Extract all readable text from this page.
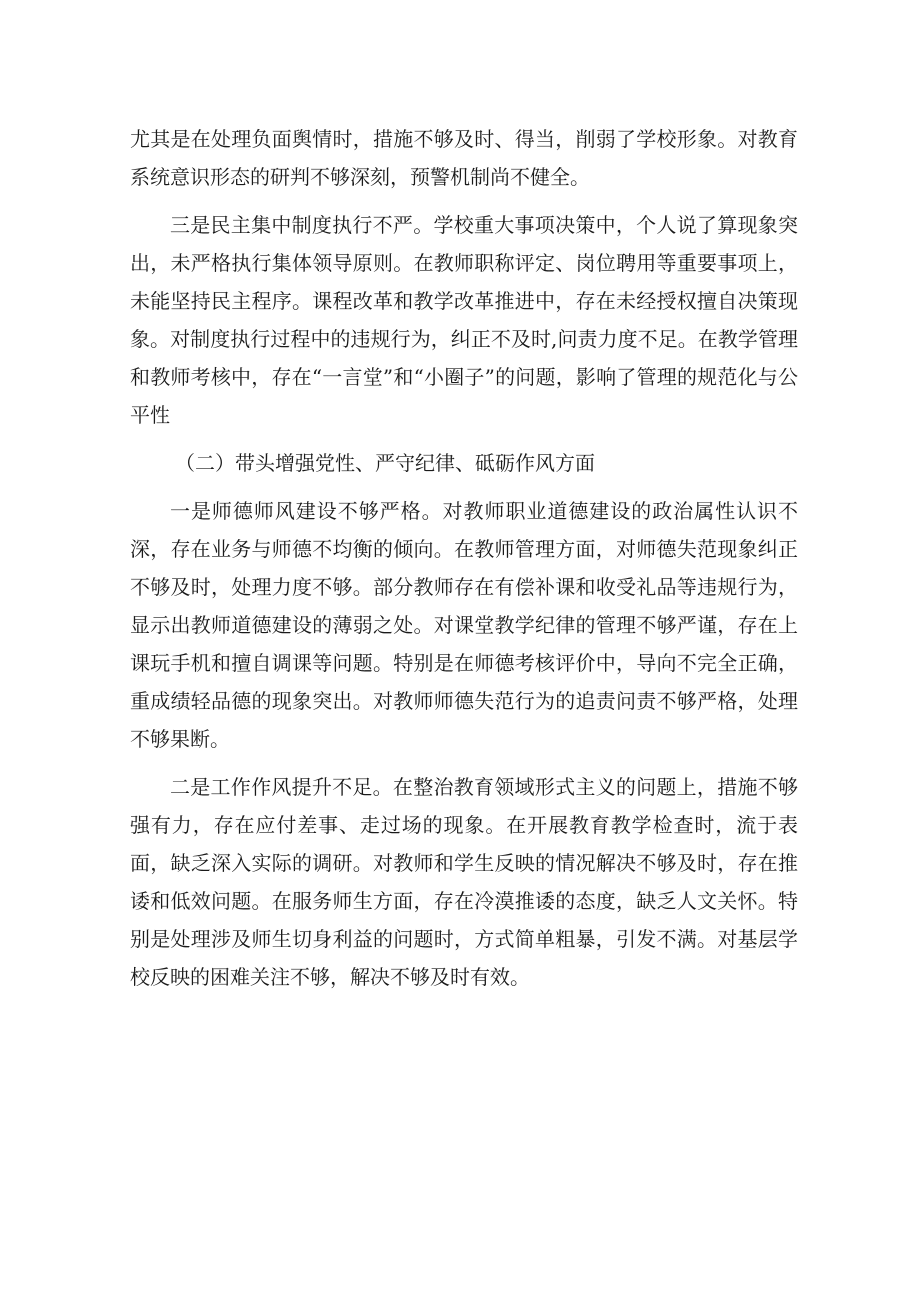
尤其是在处理负面舆情时，措施不够及时、得当，削弱了学校形象。对教育系统意识形态的研判不够深刻，预警机制尚不健全。

三是民主集中制度执行不严。学校重大事项决策中，个人说了算现象突出，未严格执行集体领导原则。在教师职称评定、岗位聘用等重要事项上，未能坚持民主程序。课程改革和教学改革推进中，存在未经授权擅自决策现象。对制度执行过程中的违规行为，纠正不及时,问责力度不足。在教学管理和教师考核中，存在“一言堂”和“小圈子”的问题，影响了管理的规范化与公平性

（二）带头增强党性、严守纪律、砥砺作风方面

一是师德师风建设不够严格。对教师职业道德建设的政治属性认识不深，存在业务与师德不均衡的倾向。在教师管理方面，对师德失范现象纠正不够及时，处理力度不够。部分教师存在有偿补课和收受礼品等违规行为，显示出教师道德建设的薄弱之处。对课堂教学纪律的管理不够严谨，存在上课玩手机和擅自调课等问题。特别是在师德考核评价中，导向不完全正确，重成绩轻品德的现象突出。对教师师德失范行为的追责问责不够严格，处理不够果断。

二是工作作风提升不足。在整治教育领域形式主义的问题上，措施不够强有力，存在应付差事、走过场的现象。在开展教育教学检查时，流于表面，缺乏深入实际的调研。对教师和学生反映的情况解决不够及时，存在推诿和低效问题。在服务师生方面，存在冷漠推诿的态度，缺乏人文关怀。特别是处理涉及师生切身利益的问题时，方式简单粗暴，引发不满。对基层学校反映的困难关注不够，解决不够及时有效。
